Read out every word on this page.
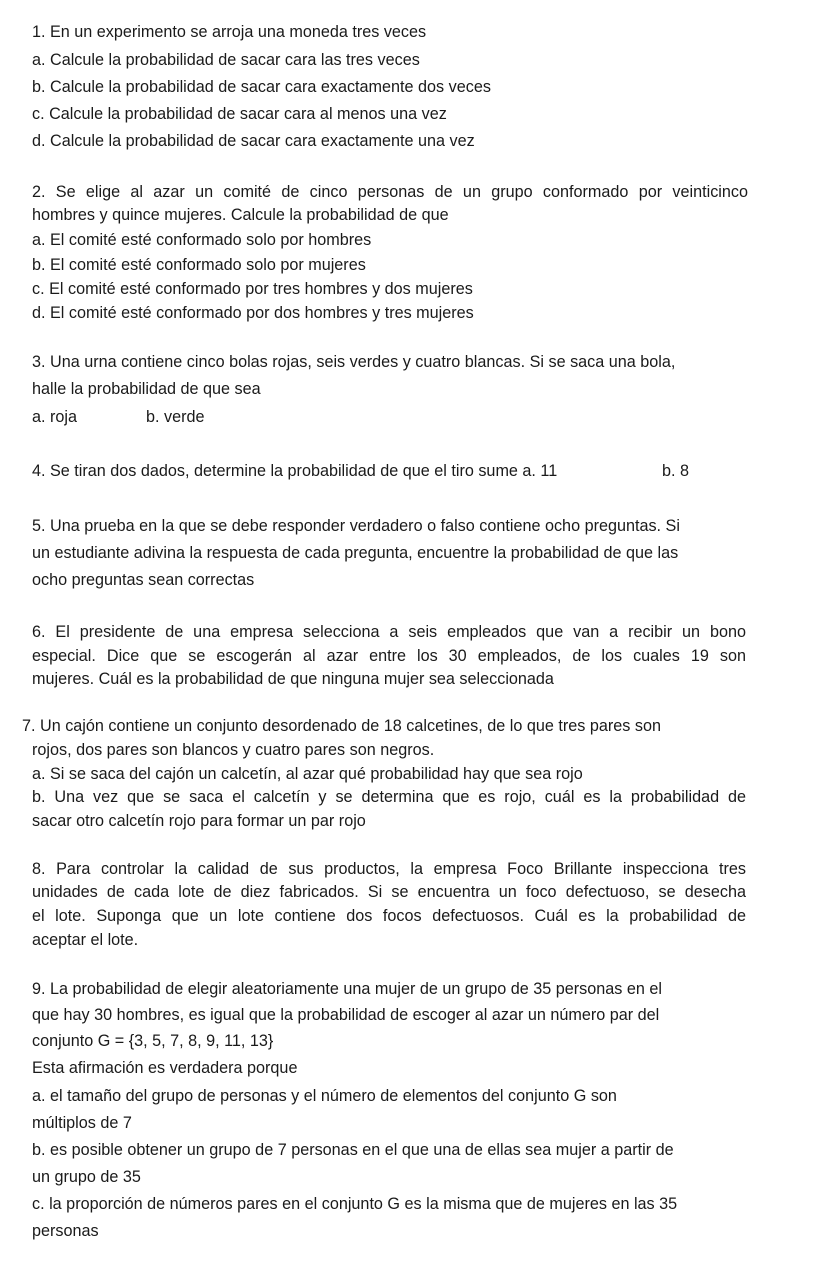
1. En un experimento se arroja una moneda tres veces
a. Calcule la probabilidad de sacar cara las tres veces
b. Calcule la probabilidad de sacar cara exactamente dos veces
c. Calcule la probabilidad de sacar cara al menos una vez
d. Calcule la probabilidad de sacar cara exactamente una vez
2. Se elige al azar un comité de cinco personas de un grupo conformado por veinticinco
hombres y quince mujeres. Calcule la probabilidad de que
a. El comité esté conformado solo por hombres
b. El comité esté conformado solo por mujeres
c. El comité esté conformado por tres hombres y dos mujeres
d. El comité esté conformado por dos hombres y tres mujeres
3. Una urna contiene cinco bolas rojas, seis verdes y cuatro blancas. Si se saca una bola,
halle la probabilidad de que sea
a. roja	b. verde
4. Se tiran dos dados, determine la probabilidad de que el tiro sume a. 11	b. 8
5. Una prueba en la que se debe responder verdadero o falso contiene ocho preguntas. Si
un estudiante adivina la respuesta de cada pregunta, encuentre la probabilidad de que las
ocho preguntas sean correctas
6. El presidente de una empresa selecciona a seis empleados que van a recibir un bono
especial. Dice que se escogerán al azar entre los 30 empleados, de los cuales 19 son
mujeres. Cuál es la probabilidad de que ninguna mujer sea seleccionada
7. Un cajón contiene un conjunto desordenado de 18 calcetines, de lo que tres pares son
rojos, dos pares son blancos y cuatro pares son negros.
a. Si se saca del cajón un calcetín, al azar qué probabilidad hay que sea rojo
b. Una vez que se saca el calcetín y se determina que es rojo, cuál es la probabilidad de
sacar otro calcetín rojo para formar un par rojo
8. Para controlar la calidad de sus productos, la empresa Foco Brillante inspecciona tres
unidades de cada lote de diez fabricados. Si se encuentra un foco defectuoso, se desecha
el lote. Suponga que un lote contiene dos focos defectuosos. Cuál es la probabilidad de
aceptar el lote.
9. La probabilidad de elegir aleatoriamente una mujer de un grupo de 35 personas en el
que hay 30 hombres, es igual que la probabilidad de escoger al azar un número par del
conjunto G = {3, 5, 7, 8, 9, 11, 13}
Esta afirmación es verdadera porque
a. el tamaño del grupo de personas y el número de elementos del conjunto G son
múltiplos de 7
b. es posible obtener un grupo de 7 personas en el que una de ellas sea mujer a partir de
un grupo de 35
c. la proporción de números pares en el conjunto G es la misma que de mujeres en las 35
personas
